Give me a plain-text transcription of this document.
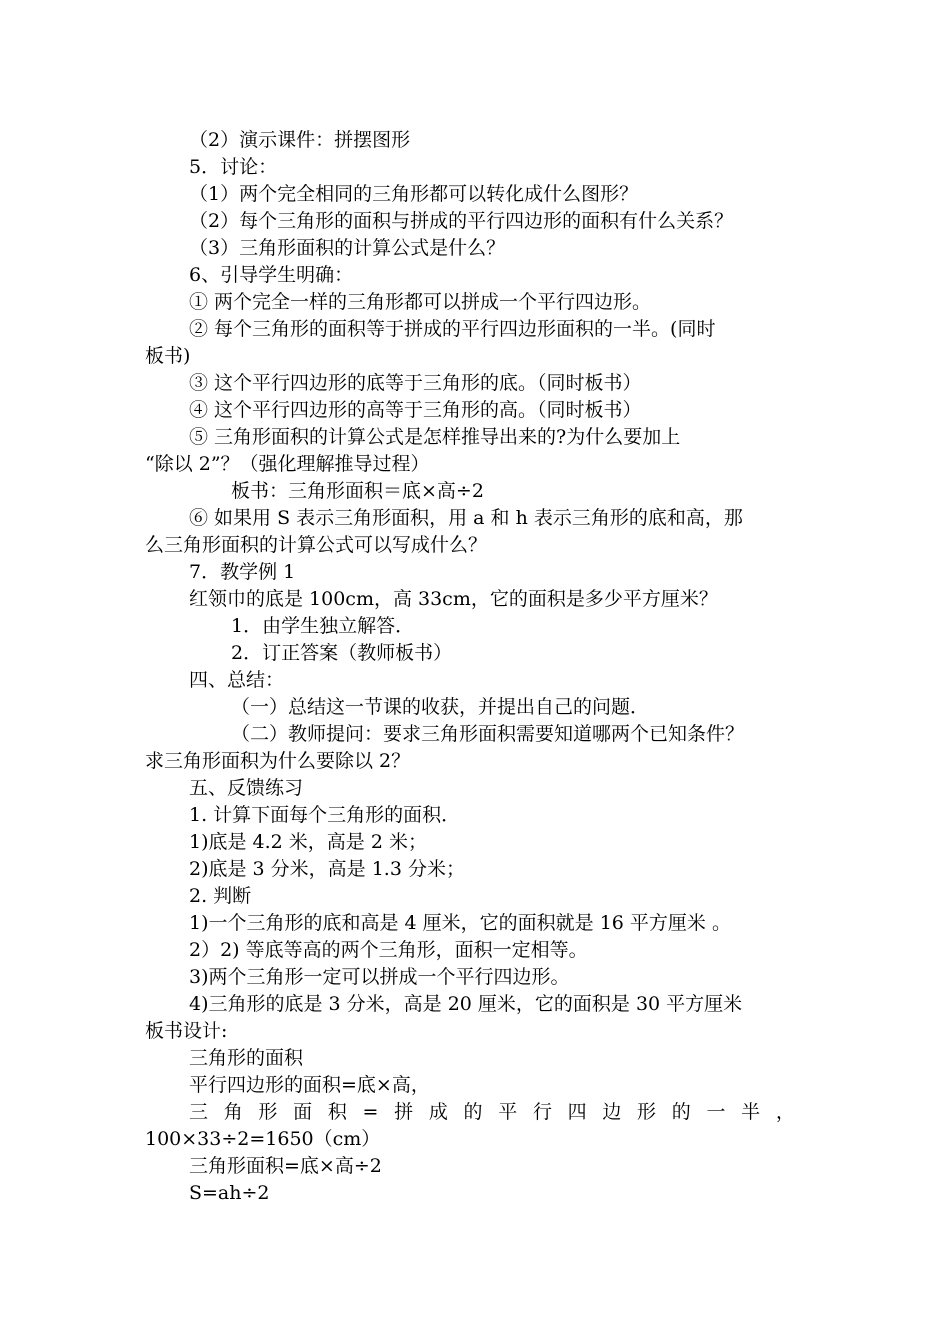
（2）演示课件：拼摆图形
5．讨论：
（1）两个完全相同的三角形都可以转化成什么图形？
（2）每个三角形的面积与拼成的平行四边形的面积有什么关系？
（3）三角形面积的计算公式是什么？
6、引导学生明确：
① 两个完全一样的三角形都可以拼成一个平行四边形。
② 每个三角形的面积等于拼成的平行四边形面积的一半。(同时
板书)
③ 这个平行四边形的底等于三角形的底。（同时板书）
④ 这个平行四边形的高等于三角形的高。（同时板书）
⑤ 三角形面积的计算公式是怎样推导出来的?为什么要加上
“除以 2”？（强化理解推导过程）
板书：三角形面积＝底×高÷2
⑥ 如果用 S 表示三角形面积，用 a 和 h 表示三角形的底和高，那
么三角形面积的计算公式可以写成什么？
7．教学例 1
红领巾的底是 100cm，高 33cm，它的面积是多少平方厘米？
1．由学生独立解答．
2．订正答案（教师板书）
四、总结：
（一）总结这一节课的收获，并提出自己的问题．
（二）教师提问：要求三角形面积需要知道哪两个已知条件？
求三角形面积为什么要除以 2？
五、反馈练习
1. 计算下面每个三角形的面积．
1)底是 4.2 米，高是 2 米；
2)底是 3 分米，高是 1.3 分米；
2. 判断
1)一个三角形的底和高是 4 厘米，它的面积就是 16 平方厘米 。
2）2) 等底等高的两个三角形，面积一定相等。
3)两个三角形一定可以拼成一个平行四边形。
4)三角形的底是 3 分米，高是 20 厘米，它的面积是 30 平方厘米
板书设计:
三角形的面积
平行四边形的面积=底×高，
三 角 形 面 积 = 拼 成 的 平 行 四 边 形 的 一 半 ，
100×33÷2=1650（cm）
三角形面积=底×高÷2
S=ah÷2
